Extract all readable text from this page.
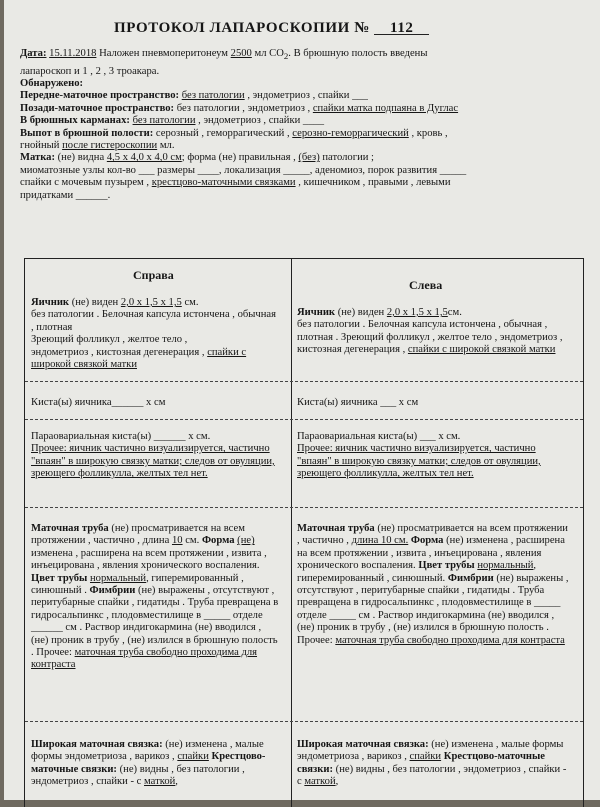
ПРОТОКОЛ ЛАПАРОСКОПИИ № 112

Дата: 15.11.2018 Наложен пневмоперитонеум 2500 мл $СО_2$. В брюшную полость введены

лапароскоп и 1 , 2 , 3 троакара.

Обнаружено:

Передне-маточное пространство: без патологии , эндометриоз , спайки ___

Позади-маточное пространство: без патологии , эндометриоз , спайки матка подпаяна в Дуглас

В брюшных карманах: без патологии , эндометриоз , спайки ____

Выпот в брюшной полости: серозный , геморрагический , серозно-геморрагический , кровь ,

гнойный после гистероскопии мл.

Матка: (не) видна 4,5 х 4,0 х 4,0 см; форма (не) правильная , (без) патологии ;

миоматозные узлы кол-во ___ размеры ____, локализация _____, аденомиоз, порок развития _____

спайки с мочевым пузырем , крестцово-маточными связками , кишечником , правыми , левыми

придатками ______.

Справа

Яичник (не) виден 2,0 х 1,5 х 1,5 см.

без патологии . Белочная капсула истончена , обычная , плотная

Зреющий фолликул , желтое тело ,

эндометриоз , кистозная дегенерация , спайки с широкой связкой матки

Киста(ы) яичника______ х см

Параовариальная киста(ы) ______ х см.

Прочее: яичник частично визуализируется, частично "впаян" в широкую связку матки; следов от овуляции, зреющего фолликулла, желтых тел нет.

Маточная труба (не) просматривается на всем протяжении , частично , длина 10 см. Форма (не) изменена , расширена на всем протяжении , извита , инъецирована , явления хронического воспаления. Цвет трубы нормальный, гиперемированный , синюшный . Фимбрии (не) выражены , отсутствуют , перитубарные спайки , гидатиды . Труба превращена в гидросальпинкс , плодовместилище в _____ отделе ______ см . Раствор индигокармина (не) вводился , (не) проник в трубу , (не) излился в брюшную полость . Прочее: маточная труба свободно проходима для контраста

Широкая маточная связка: (не) изменена , малые формы эндометриоза , варикоз , спайки Крестцово-маточные связки: (не) видны , без патологии , эндометриоз , спайки - с маткой,

Слева

Яичник (не) виден 2,0 х 1,5 х 1,5см.

без патологии . Белочная капсула истончена , обычная , плотная . Зреющий фолликул , желтое тело , эндометриоз , кистозная дегенерация , спайки с широкой связкой матки

Киста(ы) яичника ___ х см

Параовариальная киста(ы) ___ х см.

Прочее: яичник частично визуализируется, частично "впаян" в широкую связку матки; следов от овуляции, зреющего фолликулла, желтых тел нет.

Маточная труба (не) просматривается на всем протяжении , частично , длина 10 см. Форма (не) изменена , расширена на всем протяжении , извита , инъецирована , явления хронического воспаления. Цвет трубы нормальный, гиперемированный , синюшный. Фимбрии (не) выражены , отсутствуют , перитубарные спайки , гидатиды . Труба превращена в гидросальпинкс , плодовместилище в _____ отделе _____ см . Раствор индигокармина (не) вводился , (не) проник в трубу , (не) излился в брюшную полость . Прочее: маточная труба свободно проходима для контраста

Широкая маточная связка: (не) изменена , малые формы эндометриоза , варикоз , спайки Крестцово-маточные связки: (не) видны , без патологии , эндометриоз , спайки - с маткой,
